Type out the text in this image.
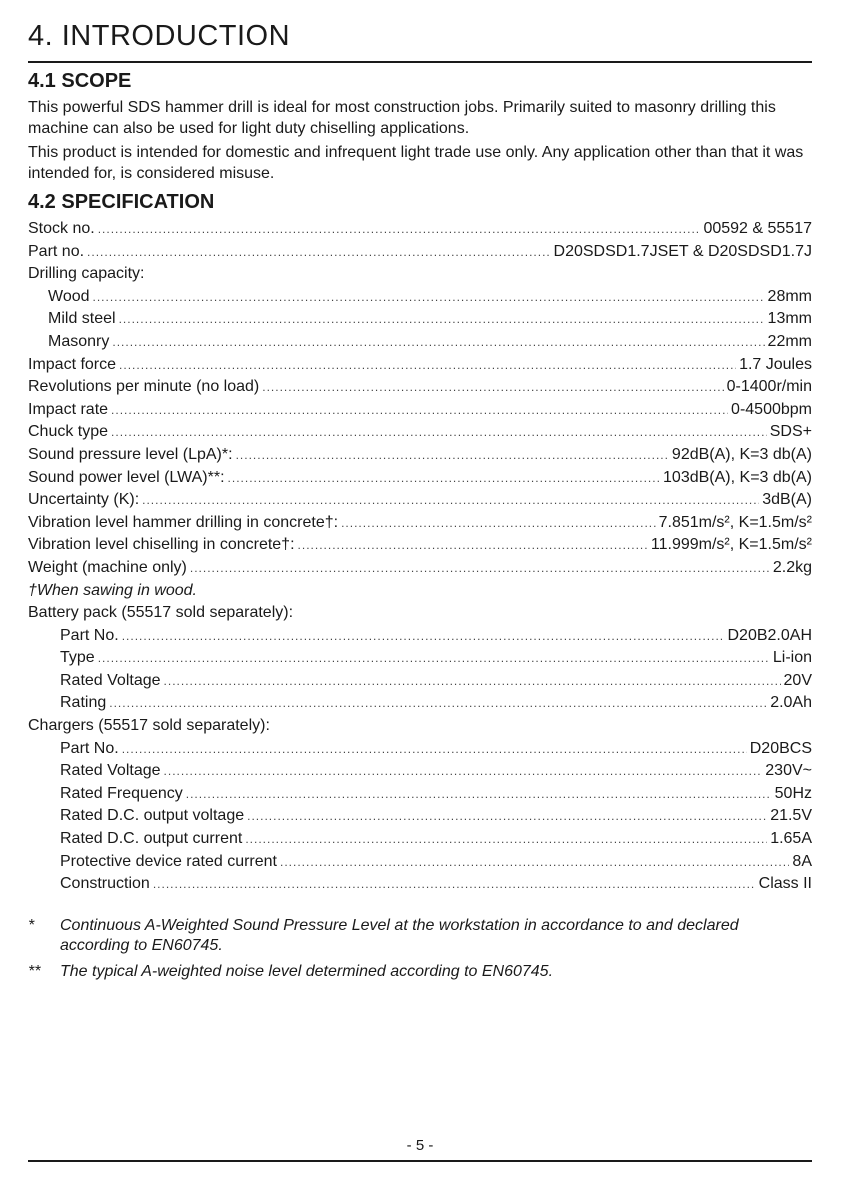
4. INTRODUCTION
4.1 SCOPE
This powerful SDS hammer drill is ideal for most construction jobs. Primarily suited to masonry drilling this machine can also be used for light duty chiselling applications.
This product is intended for domestic and infrequent light trade use only. Any application other than that it was intended for, is considered misuse.
4.2 SPECIFICATION
Stock no. .....	00592 & 55517
Part no. .....	D20SDSD1.7JSET & D20SDSD1.7J
Drilling capacity:
Wood .....	28mm
Mild steel .....	13mm
Masonry .....	22mm
Impact force .....	1.7 Joules
Revolutions per minute (no load) .....	0-1400r/min
Impact rate .....	0-4500bpm
Chuck type .....	SDS+
Sound pressure level (LpA)*: .....	92dB(A), K=3 db(A)
Sound power level (LWA)**: .....	103dB(A), K=3 db(A)
Uncertainty (K): .....	3dB(A)
Vibration level hammer drilling in concrete†: .....	7.851m/s², K=1.5m/s²
Vibration level chiselling in concrete†: .....	11.999m/s², K=1.5m/s²
Weight (machine only) .....	2.2kg
†When sawing in wood.
Battery pack (55517 sold separately):
Part No. .....	D20B2.0AH
Type .....	Li-ion
Rated Voltage .....	20V
Rating .....	2.0Ah
Chargers (55517 sold separately):
Part No. .....	D20BCS
Rated Voltage .....	230V~
Rated Frequency .....	50Hz
Rated D.C. output voltage .....	21.5V
Rated D.C. output current .....	1.65A
Protective device rated current .....	8A
Construction .....	Class II
* Continuous A-Weighted Sound Pressure Level at the workstation in accordance to and declared according to EN60745.
** The typical A-weighted noise level determined according to EN60745.
- 5 -
